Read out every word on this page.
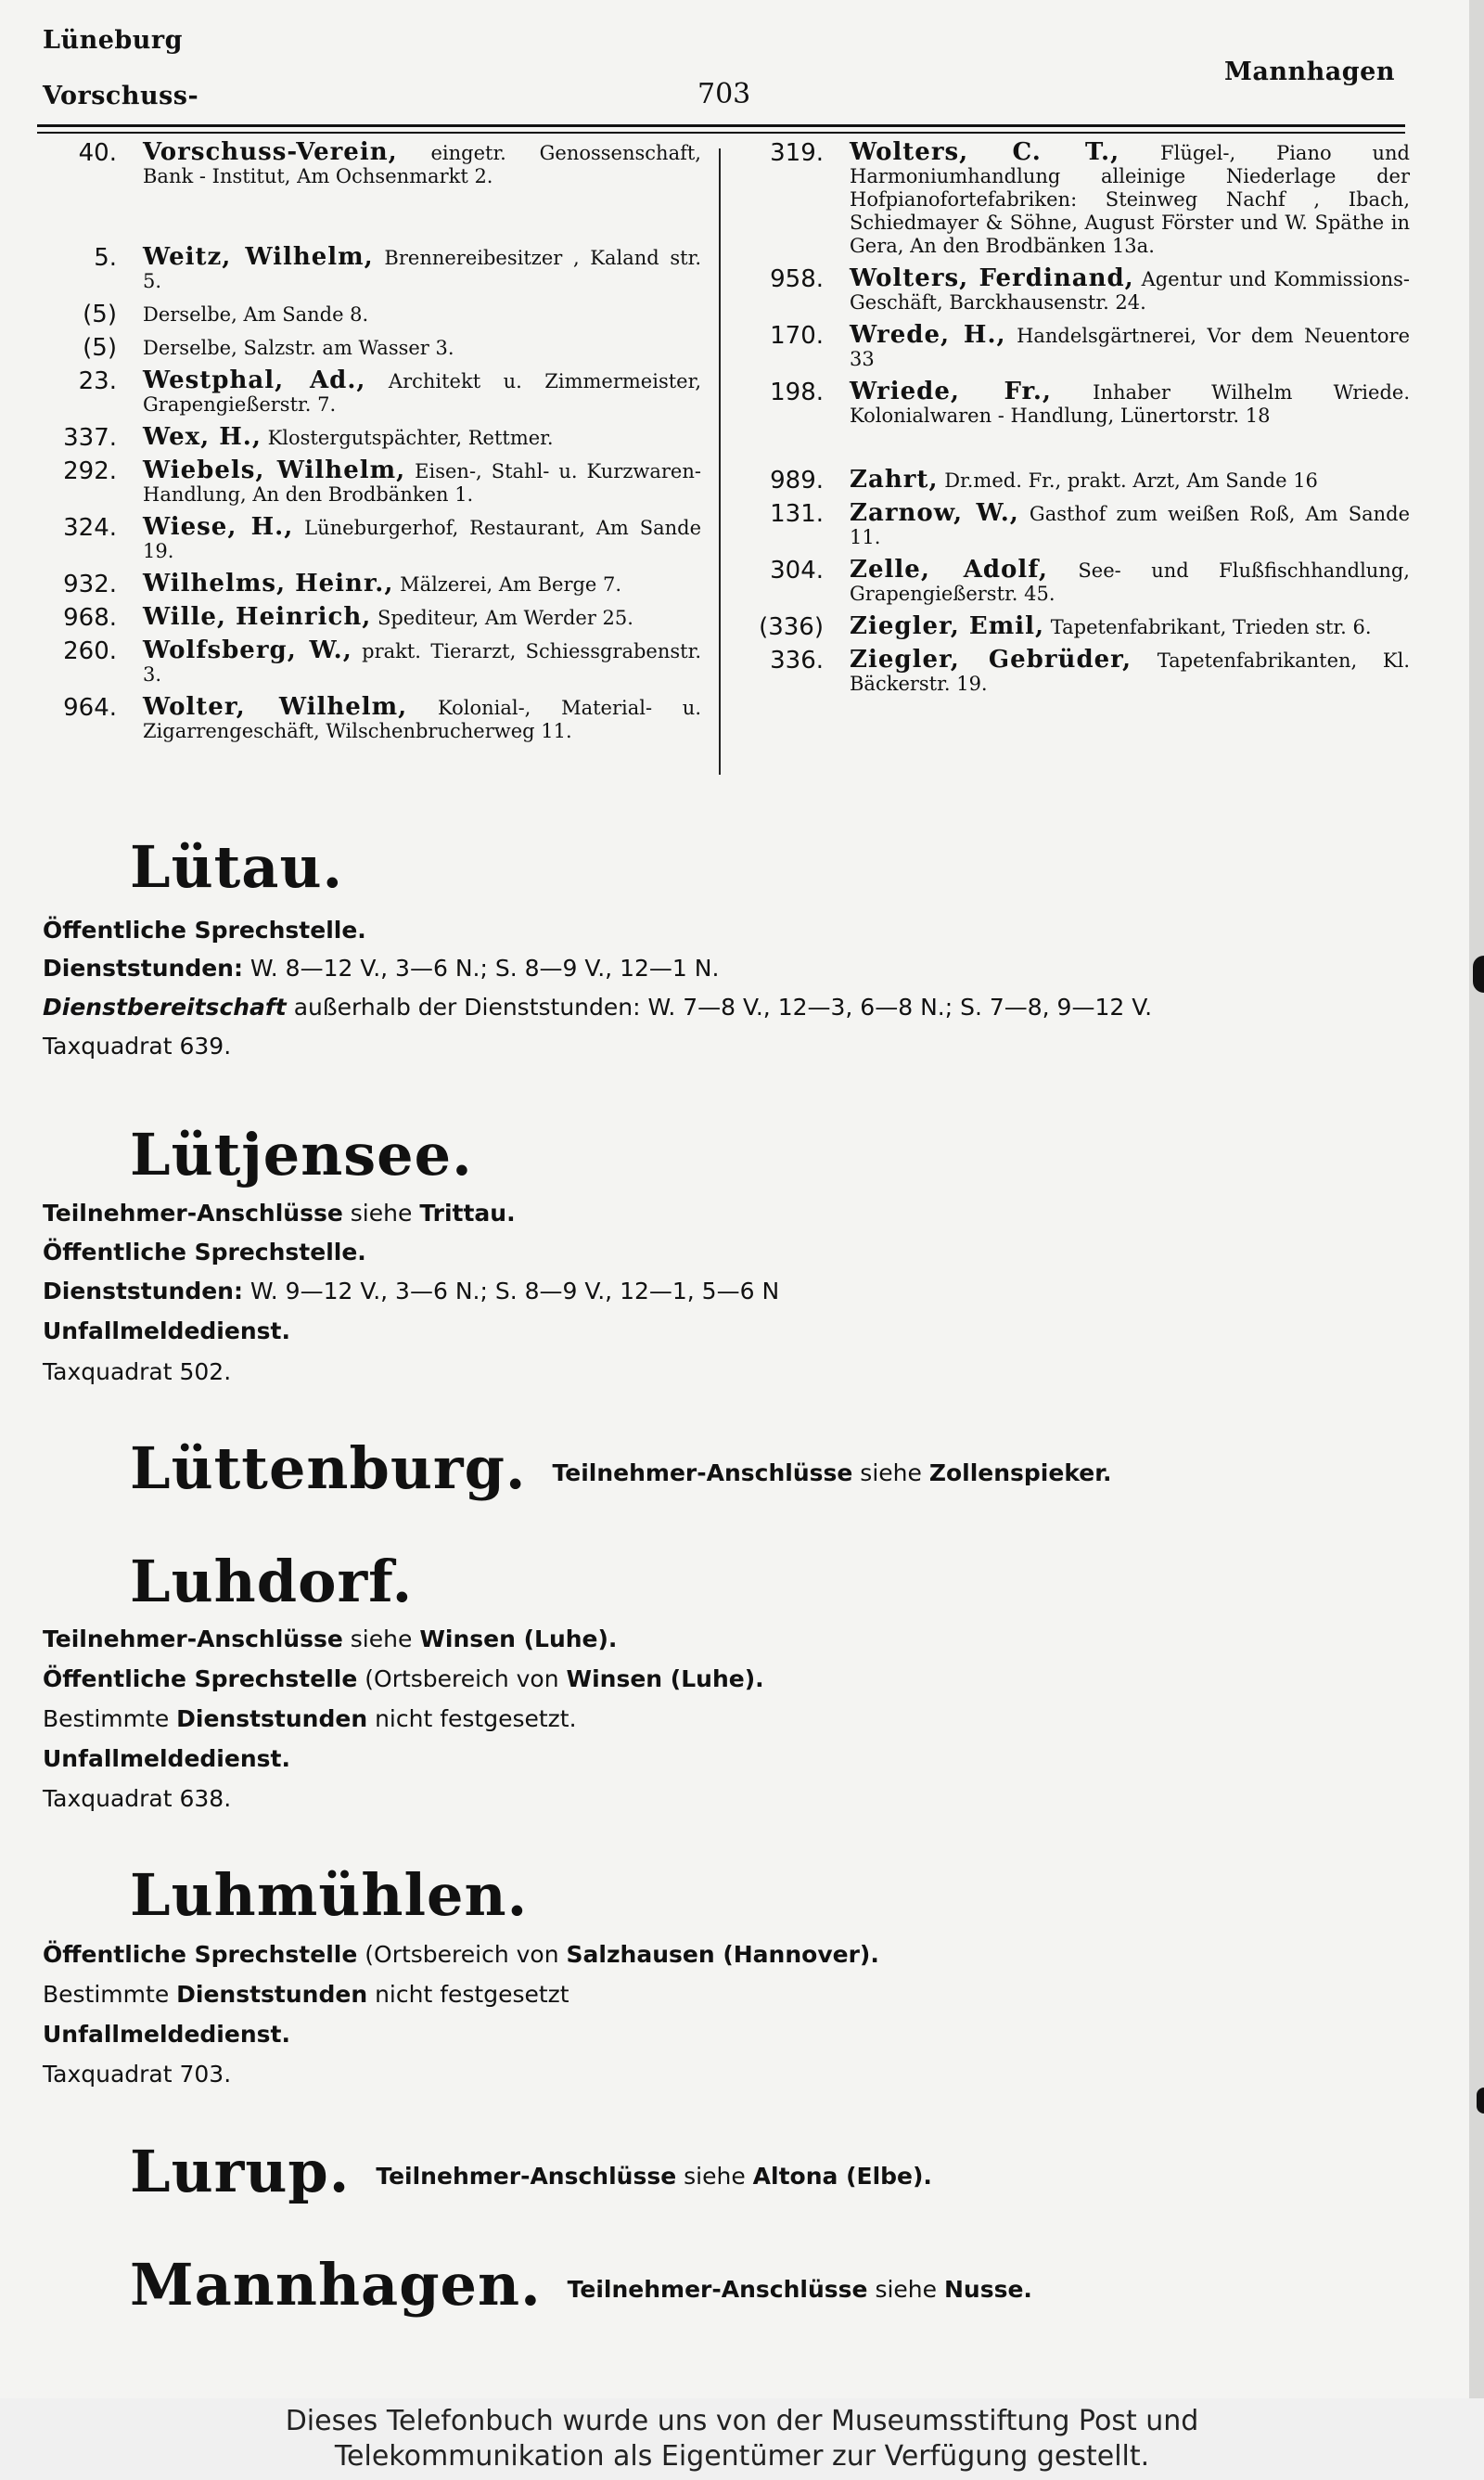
Lüneburg
Vorschuss-	703
Mannhagen
40. Vorschuss-Verein, eingetr. Genossenschaft, Bank - Institut, Am Ochsenmarkt 2.
5. Weitz, Wilhelm, Brennereibesitzer , Kaland str. 5.
(5) Derselbe, Am Sande 8.
(5) Derselbe, Salzstr. am Wasser 3.
23. Westphal, Ad., Architekt u. Zimmermeister, Grapengießerstr. 7.
337. Wex, H., Klostergutspächter, Rettmer.
292. Wiebels, Wilhelm, Eisen-, Stahl- u. Kurzwaren-Handlung, An den Brodbänken 1.
324. Wiese, H., Lüneburgerhof, Restaurant, Am Sande 19.
932. Wilhelms, Heinr., Mälzerei, Am Berge 7.
968. Wille, Heinrich, Spediteur, Am Werder 25.
260. Wolfsberg, W., prakt. Tierarzt, Schiessgrabenstr. 3.
964. Wolter, Wilhelm, Kolonial-, Material- u. Zigarrengeschäft, Wilschenbrucherweg 11.
319. Wolters, C. T., Flügel-, Piano und Harmoniumhandlung alleinige Niederlage der Hofpianofortefabriken: Steinweg Nachf , Ibach, Schiedmayer & Söhne, August Förster und W. Späthe in Gera, An den Brodbänken 13a.
958. Wolters, Ferdinand, Agentur und Kommissions-Geschäft, Barckhausenstr. 24.
170. Wrede, H., Handelsgärtnerei, Vor dem Neuentore 33
198. Wriede, Fr., Inhaber Wilhelm Wriede. Kolonialwaren - Handlung, Lünertorstr. 18
989. Zahrt, Dr.med. Fr., prakt. Arzt, Am Sande 16
131. Zarnow, W., Gasthof zum weißen Roß, Am Sande 11.
304. Zelle, Adolf, See- und Flußfischhandlung, Grapengießerstr. 45.
(336) Ziegler, Emil, Tapetenfabrikant, Trieden str. 6.
336. Ziegler, Gebrüder, Tapetenfabrikanten, Kl. Bäckerstr. 19.
Lütau.
Öffentliche Sprechstelle.
Dienststunden: W. 8—12 V., 3—6 N.; S. 8—9 V., 12—1 N.
Dienstbereitschaft außerhalb der Dienststunden: W. 7—8 V., 12—3, 6—8 N.; S. 7—8, 9—12 V.
Taxquadrat 639.
Lütjensee.
Teilnehmer-Anschlüsse siehe Trittau.
Öffentliche Sprechstelle.
Dienststunden: W. 9—12 V., 3—6 N.; S. 8—9 V., 12—1, 5—6 N
Unfallmeldedienst.
Taxquadrat 502.
Lüttenburg. Teilnehmer-Anschlüsse siehe Zollenspieker.
Luhdorf.
Teilnehmer-Anschlüsse siehe Winsen (Luhe).
Öffentliche Sprechstelle (Ortsbereich von Winsen (Luhe).
Bestimmte Dienststunden nicht festgesetzt.
Unfallmeldedienst.
Taxquadrat 638.
Luhmühlen.
Öffentliche Sprechstelle (Ortsbereich von Salzhausen (Hannover).
Bestimmte Dienststunden nicht festgesetzt
Unfallmeldedienst.
Taxquadrat 703.
Lurup. Teilnehmer-Anschlüsse siehe Altona (Elbe).
Mannhagen. Teilnehmer-Anschlüsse siehe Nusse.
Dieses Telefonbuch wurde uns von der Museumsstiftung Post und
Telekommunikation als Eigentümer zur Verfügung gestellt.
